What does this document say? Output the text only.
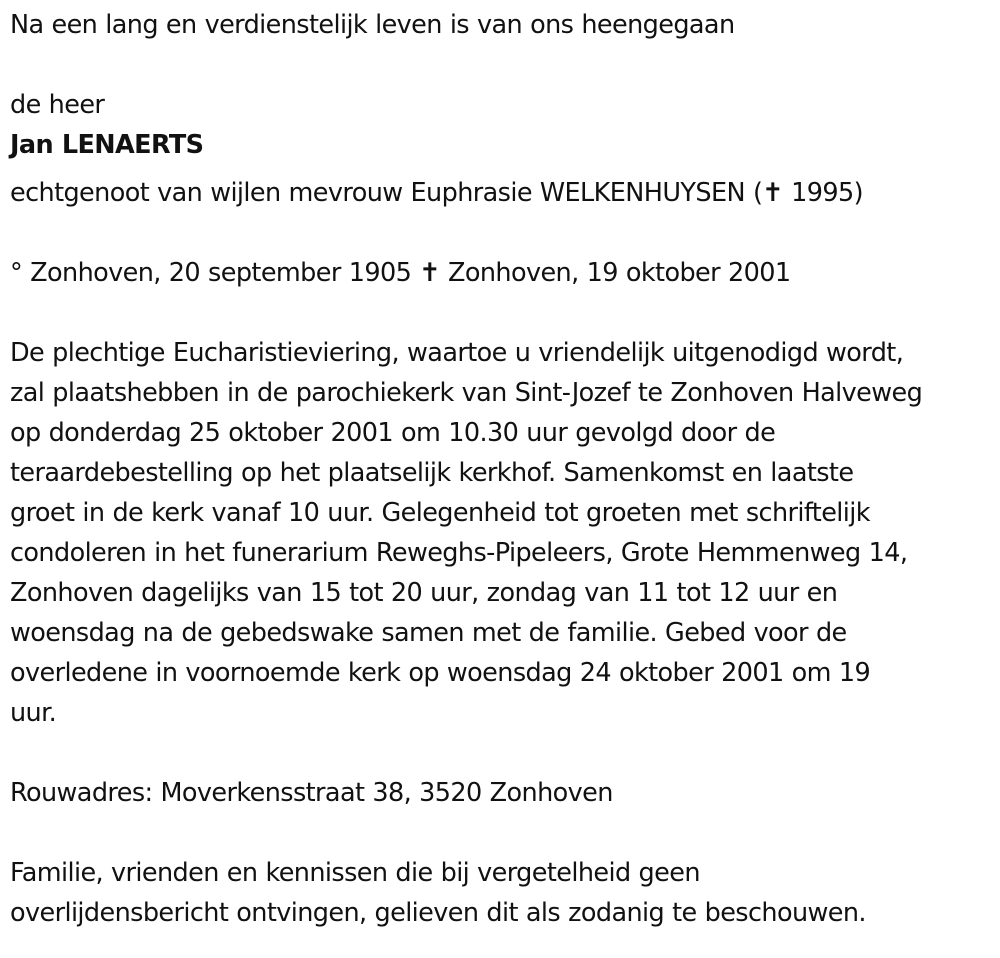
Na een lang en verdienstelijk leven is van ons heengegaan
de heer
Jan LENAERTS
echtgenoot van wijlen mevrouw Euphrasie WELKENHUYSEN (✝ 1995)
° Zonhoven, 20 september 1905 ✝ Zonhoven, 19 oktober 2001
De plechtige Eucharistieviering, waartoe u vriendelijk uitgenodigd wordt,
zal plaatshebben in de parochiekerk van Sint-Jozef te Zonhoven Halveweg
op donderdag 25 oktober 2001 om 10.30 uur gevolgd door de
teraardebestelling op het plaatselijk kerkhof. Samenkomst en laatste
groet in de kerk vanaf 10 uur. Gelegenheid tot groeten met schriftelijk
condoleren in het funerarium Reweghs-Pipeleers, Grote Hemmenweg 14,
Zonhoven dagelijks van 15 tot 20 uur, zondag van 11 tot 12 uur en
woensdag na de gebedswake samen met de familie. Gebed voor de
overledene in voornoemde kerk op woensdag 24 oktober 2001 om 19
uur.
Rouwadres: Moverkensstraat 38, 3520 Zonhoven
Familie, vrienden en kennissen die bij vergetelheid geen
overlijdensbericht ontvingen, gelieven dit als zodanig te beschouwen.
